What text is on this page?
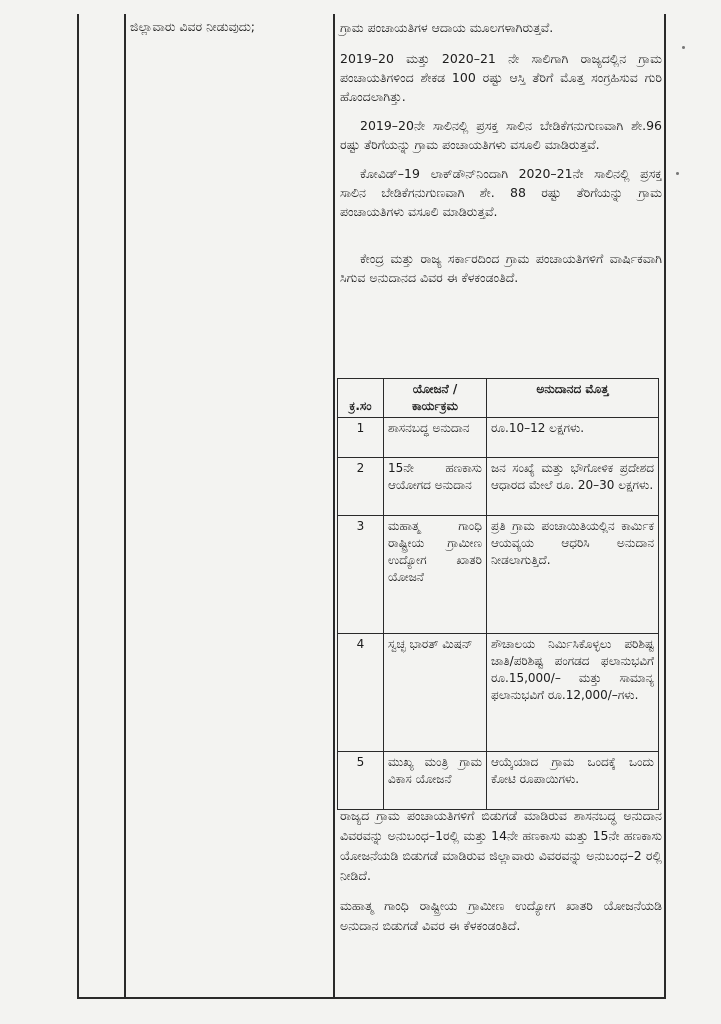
ಜಿಲ್ಲಾವಾರು ವಿವರ ನೀಡುವುದು;	ಗ್ರಾಮ ಪಂಚಾಯತಿಗಳ ಆದಾಯ ಮೂಲಗಳಾಗಿರುತ್ತವೆ.

2019–20 ಮತ್ತು 2020–21 ನೇ ಸಾಲಿಗಾಗಿ ರಾಜ್ಯದಲ್ಲಿನ ಗ್ರಾಮ ಪಂಚಾಯತಿಗಳಿಂದ ಶೇಕಡ 100 ರಷ್ಟು ಆಸ್ತಿ ತೆರಿಗೆ ಮೊತ್ತ ಸಂಗ್ರಹಿಸುವ ಗುರಿ ಹೊಂದಲಾಗಿತ್ತು.

2019–20ನೇ ಸಾಲಿನಲ್ಲಿ ಪ್ರಸಕ್ತ ಸಾಲಿನ ಬೇಡಿಕೆಗನುಗುಣವಾಗಿ ಶೇ.96 ರಷ್ಟು ತೆರಿಗೆಯನ್ನು ಗ್ರಾಮ ಪಂಚಾಯತಿಗಳು ವಸೂಲಿ ಮಾಡಿರುತ್ತವೆ.

ಕೋವಿಡ್–19 ಲಾಕ್‌ಡೌನ್‌ನಿಂದಾಗಿ 2020–21ನೇ ಸಾಲಿನಲ್ಲಿ ಪ್ರಸಕ್ತ ಸಾಲಿನ ಬೇಡಿಕೆಗನುಗುಣವಾಗಿ ಶೇ. 88 ರಷ್ಟು ತೆರಿಗೆಯನ್ನು ಗ್ರಾಮ ಪಂಚಾಯತಿಗಳು ವಸೂಲಿ ಮಾಡಿರುತ್ತವೆ.

ಕೇಂದ್ರ ಮತ್ತು ರಾಜ್ಯ ಸರ್ಕಾರದಿಂದ ಗ್ರಾಮ ಪಂಚಾಯತಿಗಳಿಗೆ ವಾರ್ಷಿಕವಾಗಿ ಸಿಗುವ ಅನುದಾನದ ವಿವರ ಈ ಕೆಳಕಂಡಂತಿದೆ.

ಕ್ರ.ಸಂ	ಯೋಜನೆ / ಕಾರ್ಯಕ್ರಮ	ಅನುದಾನದ ಮೊತ್ತ
1	ಶಾಸನಬದ್ಧ ಅನುದಾನ	ರೂ.10–12 ಲಕ್ಷಗಳು.
2	15ನೇ ಹಣಕಾಸು ಆಯೋಗದ ಅನುದಾನ	ಜನ ಸಂಖ್ಯೆ ಮತ್ತು ಭೌಗೋಳಿಕ ಪ್ರದೇಶದ ಆಧಾರದ ಮೇಲೆ ರೂ. 20–30 ಲಕ್ಷಗಳು.
3	ಮಹಾತ್ಮ ಗಾಂಧಿ ರಾಷ್ಟ್ರೀಯ ಗ್ರಾಮೀಣ ಉದ್ಯೋಗ ಖಾತರಿ ಯೋಜನೆ	ಪ್ರತಿ ಗ್ರಾಮ ಪಂಚಾಯಿತಿಯಲ್ಲಿನ ಕಾರ್ಮಿಕ ಆಯವ್ಯಯ ಆಧರಿಸಿ ಅನುದಾನ ನೀಡಲಾಗುತ್ತಿದೆ.
4	ಸ್ವಚ್ಛ ಭಾರತ್ ಮಿಷನ್	ಶೌಚಾಲಯ ನಿರ್ಮಿಸಿಕೊಳ್ಳಲು ಪರಿಶಿಷ್ಟ ಜಾತಿ/ಪರಿಶಿಷ್ಟ ಪಂಗಡದ ಫಲಾನುಭವಿಗೆ ರೂ.15,000/– ಮತ್ತು ಸಾಮಾನ್ಯ ಫಲಾನುಭವಿಗೆ ರೂ.12,000/–ಗಳು.
5	ಮುಖ್ಯ ಮಂತ್ರಿ ಗ್ರಾಮ ವಿಕಾಸ ಯೋಜನೆ	ಆಯ್ಕೆಯಾದ ಗ್ರಾಮ ಒಂದಕ್ಕೆ ಒಂದು ಕೋಟಿ ರೂಪಾಯಿಗಳು.

ರಾಜ್ಯದ ಗ್ರಾಮ ಪಂಚಾಯತಿಗಳಿಗೆ ಬಿಡುಗಡೆ ಮಾಡಿರುವ ಶಾಸನಬದ್ಧ ಅನುದಾನ ವಿವರವನ್ನು ಅನುಬಂಧ–1ರಲ್ಲಿ ಮತ್ತು 14ನೇ ಹಣಕಾಸು ಮತ್ತು 15ನೇ ಹಣಕಾಸು ಯೋಜನೆಯಡಿ ಬಿಡುಗಡೆ ಮಾಡಿರುವ ಜಿಲ್ಲಾವಾರು ವಿವರವನ್ನು ಅನುಬಂಧ–2 ರಲ್ಲಿ ನೀಡಿದೆ.

ಮಹಾತ್ಮ ಗಾಂಧಿ ರಾಷ್ಟ್ರೀಯ ಗ್ರಾಮೀಣ ಉದ್ಯೋಗ ಖಾತರಿ ಯೋಜನೆಯಡಿ ಅನುದಾನ ಬಿಡುಗಡೆ ವಿವರ ಈ ಕೆಳಕಂಡಂತಿದೆ.
